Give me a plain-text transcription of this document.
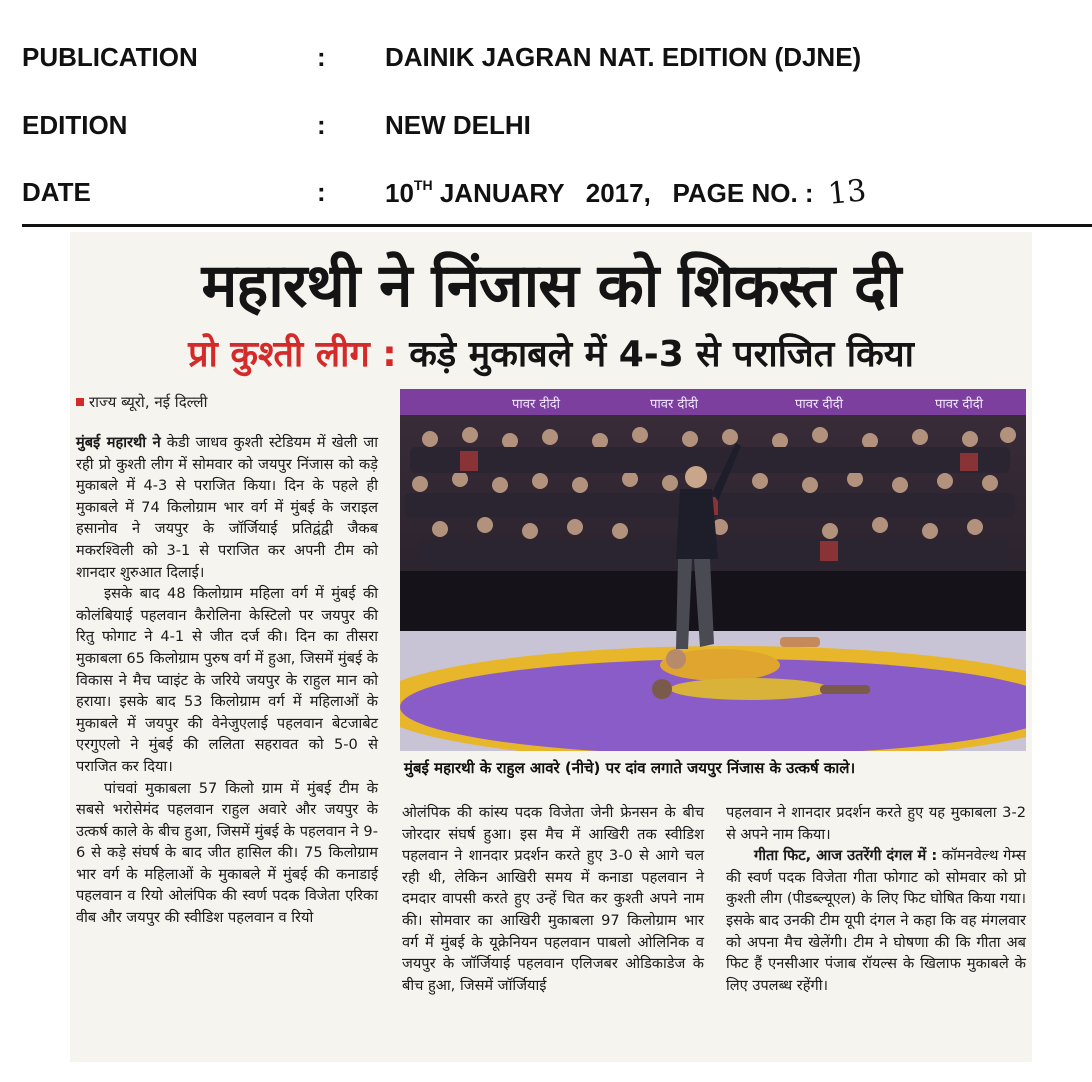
PUBLICATION	:	DAINIK JAGRAN NAT. EDITION (DJNE)
EDITION	:	NEW DELHI
DATE	:	10TH JANUARY   2017,   PAGE NO. : 13
महारथी ने निंजास को शिकस्त दी
प्रो कुश्ती लीग : कड़े मुकाबले में 4-3 से पराजित किया
राज्य ब्यूरो, नई दिल्ली

मुंबई महारथी ने केडी जाधव कुश्ती स्टेडियम में खेली जा रही प्रो कुश्ती लीग में सोमवार को जयपुर निंजास को कड़े मुकाबले में 4-3 से पराजित किया। दिन के पहले ही मुकाबले में 74 किलोग्राम भार वर्ग में मुंबई के जराइल हसानोव ने जयपुर के जॉर्जियाई प्रतिद्वंद्वी जैकब मकरश्विली को 3-1 से पराजित कर अपनी टीम को शानदार शुरुआत दिलाई।

इसके बाद 48 किलोग्राम महिला वर्ग में मुंबई की कोलंबियाई पहलवान कैरोलिना केस्टिलो पर जयपुर की रितु फोगाट ने 4-1 से जीत दर्ज की। दिन का तीसरा मुकाबला 65 किलोग्राम पुरुष वर्ग में हुआ, जिसमें मुंबई के विकास ने मैच प्वाइंट के जरिये जयपुर के राहुल मान को हराया। इसके बाद 53 किलोग्राम वर्ग में महिलाओं के मुकाबले में जयपुर की वेनेजुएलाई पहलवान बेटजाबेट एरगुएलो ने मुंबई की ललिता सहरावत को 5-0 से पराजित कर दिया।

पांचवां मुकाबला 57 किलो ग्राम में मुंबई टीम के सबसे भरोसेमंद पहलवान राहुल अवारे और जयपुर के उत्कर्ष काले के बीच हुआ, जिसमें मुंबई के पहलवान ने 9-6 से कड़े संघर्ष के बाद जीत हासिल की। 75 किलोग्राम भार वर्ग के महिलाओं के मुकाबले में मुंबई की कनाडाई पहलवान व रियो ओलंपिक की स्वर्ण पदक विजेता एरिका वीब और जयपुर की स्वीडिश पहलवान व रियो

पावर दीदी	पावर दीदी	पावर दीदी	पावर दीदी
मुंबई महारथी के राहुल आवरे (नीचे) पर दांव लगाते जयपुर निंजास के उत्कर्ष काले।

ओलंपिक की कांस्य पदक विजेता जेनी फ्रेनसन के बीच जोरदार संघर्ष हुआ। इस मैच में आखिरी तक स्वीडिश पहलवान ने शानदार प्रदर्शन करते हुए 3-0 से आगे चल रही थी, लेकिन आखिरी समय में कनाडा पहलवान ने दमदार वापसी करते हुए उन्हें चित कर कुश्ती अपने नाम की। सोमवार का आखिरी मुकाबला 97 किलोग्राम भार वर्ग में मुंबई के यूक्रेनियन पहलवान पाबलो ओलिनिक व जयपुर के जॉर्जियाई पहलवान एलिजबर ओडिकाडेज के बीच हुआ, जिसमें जॉर्जियाई

पहलवान ने शानदार प्रदर्शन करते हुए यह मुकाबला 3-2 से अपने नाम किया।

गीता फिट, आज उतरेंगी दंगल में : कॉमनवेल्थ गेम्स की स्वर्ण पदक विजेता गीता फोगाट को सोमवार को प्रो कुश्ती लीग (पीडब्ल्यूएल) के लिए फिट घोषित किया गया। इसके बाद उनकी टीम यूपी दंगल ने कहा कि वह मंगलवार को अपना मैच खेलेंगी। टीम ने घोषणा की कि गीता अब फिट हैं एनसीआर पंजाब रॉयल्स के खिलाफ मुकाबले के लिए उपलब्ध रहेंगी।
